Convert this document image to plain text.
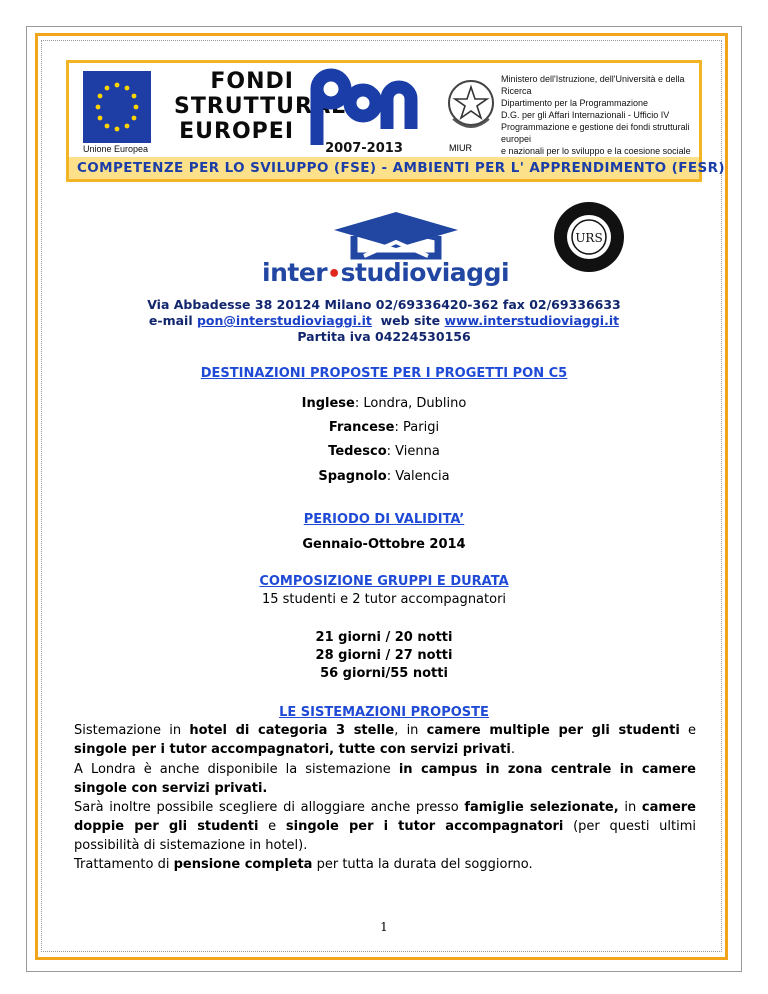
Unione Europea
FONDI
STRUTTURALI
EUROPEI
2007-2013	MIUR
Ministero dell'Istruzione, dell'Università e della Ricerca
Dipartimento per la Programmazione
D.G. per gli Affari Internazionali - Ufficio IV
Programmazione e gestione dei fondi strutturali europei
e nazionali per lo sviluppo e la coesione sociale
COMPETENZE PER LO SVILUPPO (FSE) - AMBIENTI PER L' APPRENDIMENTO (FESR)
inter•studioviaggi
URS
Via Abbadesse 38 20124 Milano 02/69336420-362 fax 02/69336633
e-mail pon@interstudioviaggi.it web site www.interstudioviaggi.it
Partita iva 04224530156
DESTINAZIONI PROPOSTE PER I PROGETTI PON C5
Inglese: Londra, Dublino
Francese: Parigi
Tedesco: Vienna
Spagnolo: Valencia
PERIODO DI VALIDITA’
Gennaio-Ottobre 2014
COMPOSIZIONE GRUPPI E DURATA
15 studenti e 2 tutor accompagnatori
21 giorni / 20 notti
28 giorni / 27 notti
56 giorni/55 notti
LE SISTEMAZIONI PROPOSTE
Sistemazione in hotel di categoria 3 stelle, in camere multiple per gli studenti e singole per i tutor accompagnatori, tutte con servizi privati.
A Londra è anche disponibile la sistemazione in campus in zona centrale in camere singole con servizi privati.
Sarà inoltre possibile scegliere di alloggiare anche presso famiglie selezionate, in camere doppie per gli studenti e singole per i tutor accompagnatori (per questi ultimi possibilità di sistemazione in hotel).
Trattamento di pensione completa per tutta la durata del soggiorno.
1
